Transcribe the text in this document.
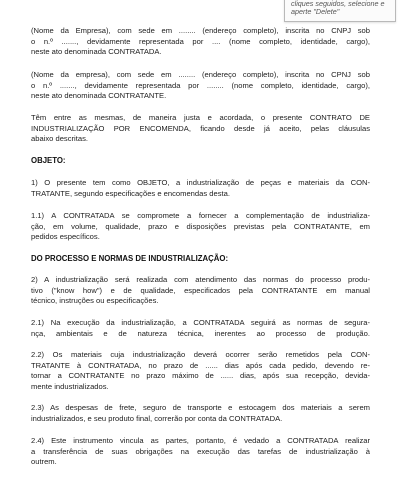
cliques seguidos, selecione e
aperte "Delete"

(Nome da Empresa), com sede em ........ (endereço completo), inscrita no CNPJ sob
o n.º ......., devidamente representada por .... (nome completo, identidade, cargo),
neste ato denominada CONTRATADA.

(Nome da empresa), com sede em ........ (endereço completo), inscrita no CPNJ sob
o n.º ......., devidamente representada por ........ (nome completo, identidade, cargo),
neste ato denominada CONTRATANTE.

Têm entre as mesmas, de maneira justa e acordada, o presente CONTRATO DE
INDUSTRIALIZAÇÃO POR ENCOMENDA, ficando desde já aceito, pelas cláusulas
abaixo descritas.

OBJETO:

1) O presente tem como OBJETO, a industrialização de peças e materiais da CON-
TRATANTE, segundo especificações e encomendas desta.

1.1) A CONTRATADA se compromete a fornecer a complementação de industrializa-
ção, em volume, qualidade, prazo e disposições previstas pela CONTRATANTE, em
pedidos específicos.

DO PROCESSO E NORMAS DE INDUSTRIALIZAÇÃO:

2) A industrialização será realizada com atendimento das normas do processo produ-
tivo ("know how") e de qualidade, especificados pela CONTRATANTE em manual
técnico, instruções ou especificações.

2.1) Na execução da industrialização, a CONTRATADA seguirá as normas de segura-
nça, ambientais e de natureza técnica, inerentes ao processo de produção.

2.2) Os materiais cuja industrialização deverá ocorrer serão remetidos pela CON-
TRATANTE à CONTRATADA, no prazo de ...... dias após cada pedido, devendo re-
tornar a CONTRATANTE no prazo máximo de ...... dias, após sua recepção, devida-
mente industrializados.

2.3) As despesas de frete, seguro de transporte e estocagem dos materiais a serem
industrializados, e seu produto final, correrão por conta da CONTRATADA.

2.4) Este instrumento vincula as partes, portanto, é vedado a CONTRATADA realizar
a transferência de suas obrigações na execução das tarefas de industrialização à
outrem.
